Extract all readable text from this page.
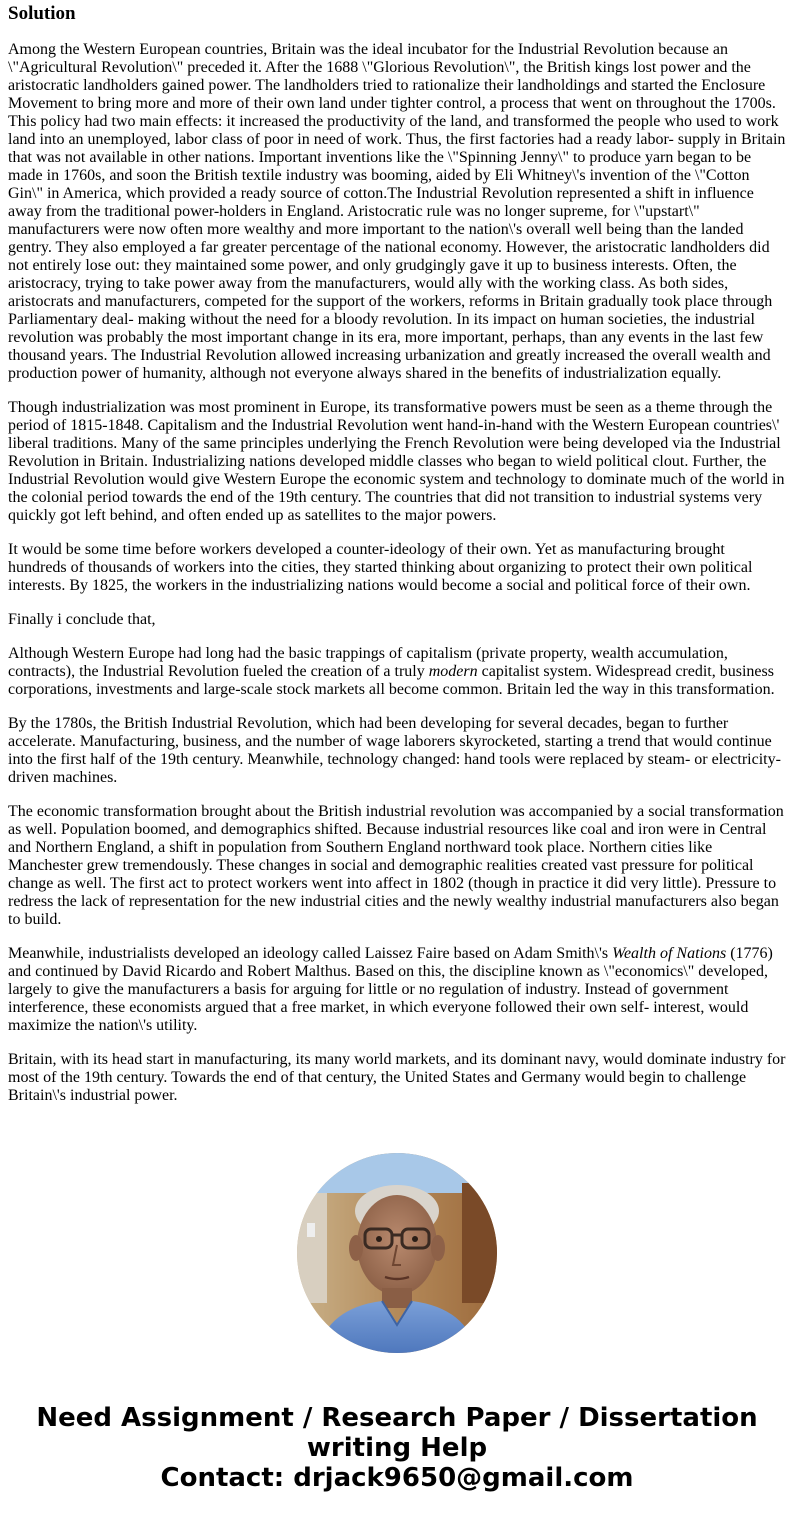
Solution

Among the Western European countries, Britain was the ideal incubator for the Industrial Revolution because an \"Agricultural Revolution\" preceded it. After the 1688 \"Glorious Revolution\", the British kings lost power and the aristocratic landholders gained power. The landholders tried to rationalize their landholdings and started the Enclosure Movement to bring more and more of their own land under tighter control, a process that went on throughout the 1700s. This policy had two main effects: it increased the productivity of the land, and transformed the people who used to work land into an unemployed, labor class of poor in need of work. Thus, the first factories had a ready labor- supply in Britain that was not available in other nations. Important inventions like the \"Spinning Jenny\" to produce yarn began to be made in 1760s, and soon the British textile industry was booming, aided by Eli Whitney\'s invention of the \"Cotton Gin\" in America, which provided a ready source of cotton.The Industrial Revolution represented a shift in influence away from the traditional power-holders in England. Aristocratic rule was no longer supreme, for \"upstart\" manufacturers were now often more wealthy and more important to the nation\'s overall well being than the landed gentry. They also employed a far greater percentage of the national economy. However, the aristocratic landholders did not entirely lose out: they maintained some power, and only grudgingly gave it up to business interests. Often, the aristocracy, trying to take power away from the manufacturers, would ally with the working class. As both sides, aristocrats and manufacturers, competed for the support of the workers, reforms in Britain gradually took place through Parliamentary deal- making without the need for a bloody revolution. In its impact on human societies, the industrial revolution was probably the most important change in its era, more important, perhaps, than any events in the last few thousand years. The Industrial Revolution allowed increasing urbanization and greatly increased the overall wealth and production power of humanity, although not everyone always shared in the benefits of industrialization equally.

Though industrialization was most prominent in Europe, its transformative powers must be seen as a theme through the period of 1815-1848. Capitalism and the Industrial Revolution went hand-in-hand with the Western European countries\' liberal traditions. Many of the same principles underlying the French Revolution were being developed via the Industrial Revolution in Britain. Industrializing nations developed middle classes who began to wield political clout. Further, the Industrial Revolution would give Western Europe the economic system and technology to dominate much of the world in the colonial period towards the end of the 19th century. The countries that did not transition to industrial systems very quickly got left behind, and often ended up as satellites to the major powers.

It would be some time before workers developed a counter-ideology of their own. Yet as manufacturing brought hundreds of thousands of workers into the cities, they started thinking about organizing to protect their own political interests. By 1825, the workers in the industrializing nations would become a social and political force of their own.

Finally i conclude that,

Although Western Europe had long had the basic trappings of capitalism (private property, wealth accumulation, contracts), the Industrial Revolution fueled the creation of a truly modern capitalist system. Widespread credit, business corporations, investments and large-scale stock markets all become common. Britain led the way in this transformation.

By the 1780s, the British Industrial Revolution, which had been developing for several decades, began to further accelerate. Manufacturing, business, and the number of wage laborers skyrocketed, starting a trend that would continue into the first half of the 19th century. Meanwhile, technology changed: hand tools were replaced by steam- or electricity-driven machines.

The economic transformation brought about the British industrial revolution was accompanied by a social transformation as well. Population boomed, and demographics shifted. Because industrial resources like coal and iron were in Central and Northern England, a shift in population from Southern England northward took place. Northern cities like Manchester grew tremendously. These changes in social and demographic realities created vast pressure for political change as well. The first act to protect workers went into affect in 1802 (though in practice it did very little). Pressure to redress the lack of representation for the new industrial cities and the newly wealthy industrial manufacturers also began to build.

Meanwhile, industrialists developed an ideology called Laissez Faire based on Adam Smith\'s Wealth of Nations (1776) and continued by David Ricardo and Robert Malthus. Based on this, the discipline known as \"economics\" developed, largely to give the manufacturers a basis for arguing for little or no regulation of industry. Instead of government interference, these economists argued that a free market, in which everyone followed their own self- interest, would maximize the nation\'s utility.

Britain, with its head start in manufacturing, its many world markets, and its dominant navy, would dominate industry for most of the 19th century. Towards the end of that century, the United States and Germany would begin to challenge Britain\'s industrial power.

Need Assignment / Research Paper / Dissertation
writing Help
Contact: drjack9650@gmail.com
